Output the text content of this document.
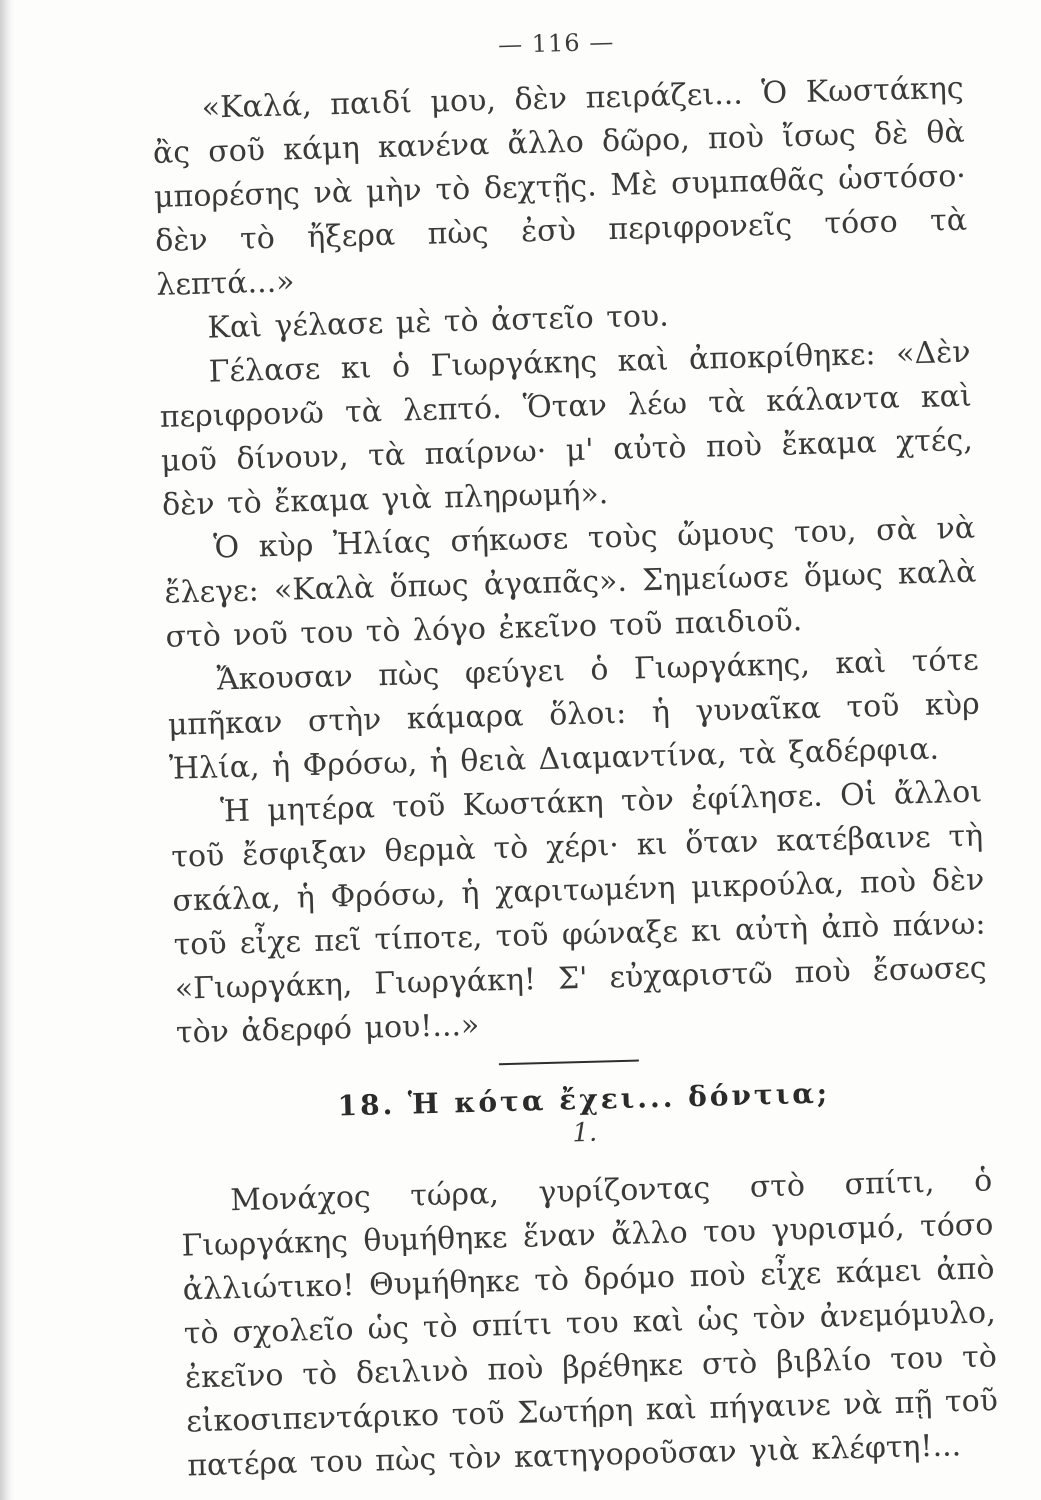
— 116 —

«Καλά, παιδί μου, δὲν πειράζει... Ὁ Κωστάκης ἂς σοῦ κάμη κανένα ἄλλο δῶρο, ποὺ ἴσως δὲ θὰ μπορέσης νὰ μὴν τὸ δεχτῇς. Μὲ συμπαθᾶς ὡστόσο· δὲν τὸ ἤξερα πὼς ἐσὺ περιφρονεῖς τόσο τὰ λεπτά...»

Καὶ γέλασε μὲ τὸ ἀστεῖο του.

Γέλασε κι ὁ Γιωργάκης καὶ ἀποκρίθηκε: «Δὲν περιφρονῶ τὰ λεπτό. Ὅταν λέω τὰ κάλαντα καὶ μοῦ δίνουν, τὰ παίρνω· μ' αὐτὸ ποὺ ἔκαμα χτές, δὲν τὸ ἔκαμα γιὰ πληρωμή».

Ὁ κὺρ Ἠλίας σήκωσε τοὺς ὤμους του, σὰ νὰ ἔλεγε: «Καλὰ ὅπως ἀγαπᾶς». Σημείωσε ὅμως καλὰ στὸ νοῦ του τὸ λόγο ἐκεῖνο τοῦ παιδιοῦ.

Ἄκουσαν πὼς φεύγει ὁ Γιωργάκης, καὶ τότε μπῆκαν στὴν κάμαρα ὅλοι: ἡ γυναῖκα τοῦ κὺρ Ἠλία, ἡ Φρόσω, ἡ θειὰ Διαμαντίνα, τὰ ξαδέρφια.

Ἡ μητέρα τοῦ Κωστάκη τὸν ἐφίλησε. Οἱ ἄλλοι τοῦ ἔσφιξαν θερμὰ τὸ χέρι· κι ὅταν κατέβαινε τὴ σκάλα, ἡ Φρόσω, ἡ χαριτωμένη μικρούλα, ποὺ δὲν τοῦ εἶχε πεῖ τίποτε, τοῦ φώναξε κι αὐτὴ ἀπὸ πάνω: «Γιωργάκη, Γιωργάκη! Σ' εὐχαριστῶ ποὺ ἔσωσες τὸν ἀδερφό μου!...»

18. Ἡ κότα ἔχει... δόντια;
1.

Μονάχος τώρα, γυρίζοντας στὸ σπίτι, ὁ Γιωργάκης θυμήθηκε ἕναν ἄλλο του γυρισμό, τόσο ἀλλιώτικο! Θυμήθηκε τὸ δρόμο ποὺ εἶχε κάμει ἀπὸ τὸ σχολεῖο ὡς τὸ σπίτι του καὶ ὡς τὸν ἀνεμόμυλο, ἐκεῖνο τὸ δειλινὸ ποὺ βρέθηκε στὸ βιβλίο του τὸ εἰκοσιπεντάρικο τοῦ Σωτήρη καὶ πήγαινε νὰ πῇ τοῦ πατέρα του πὼς τὸν κατηγοροῦσαν γιὰ κλέφτη!...
